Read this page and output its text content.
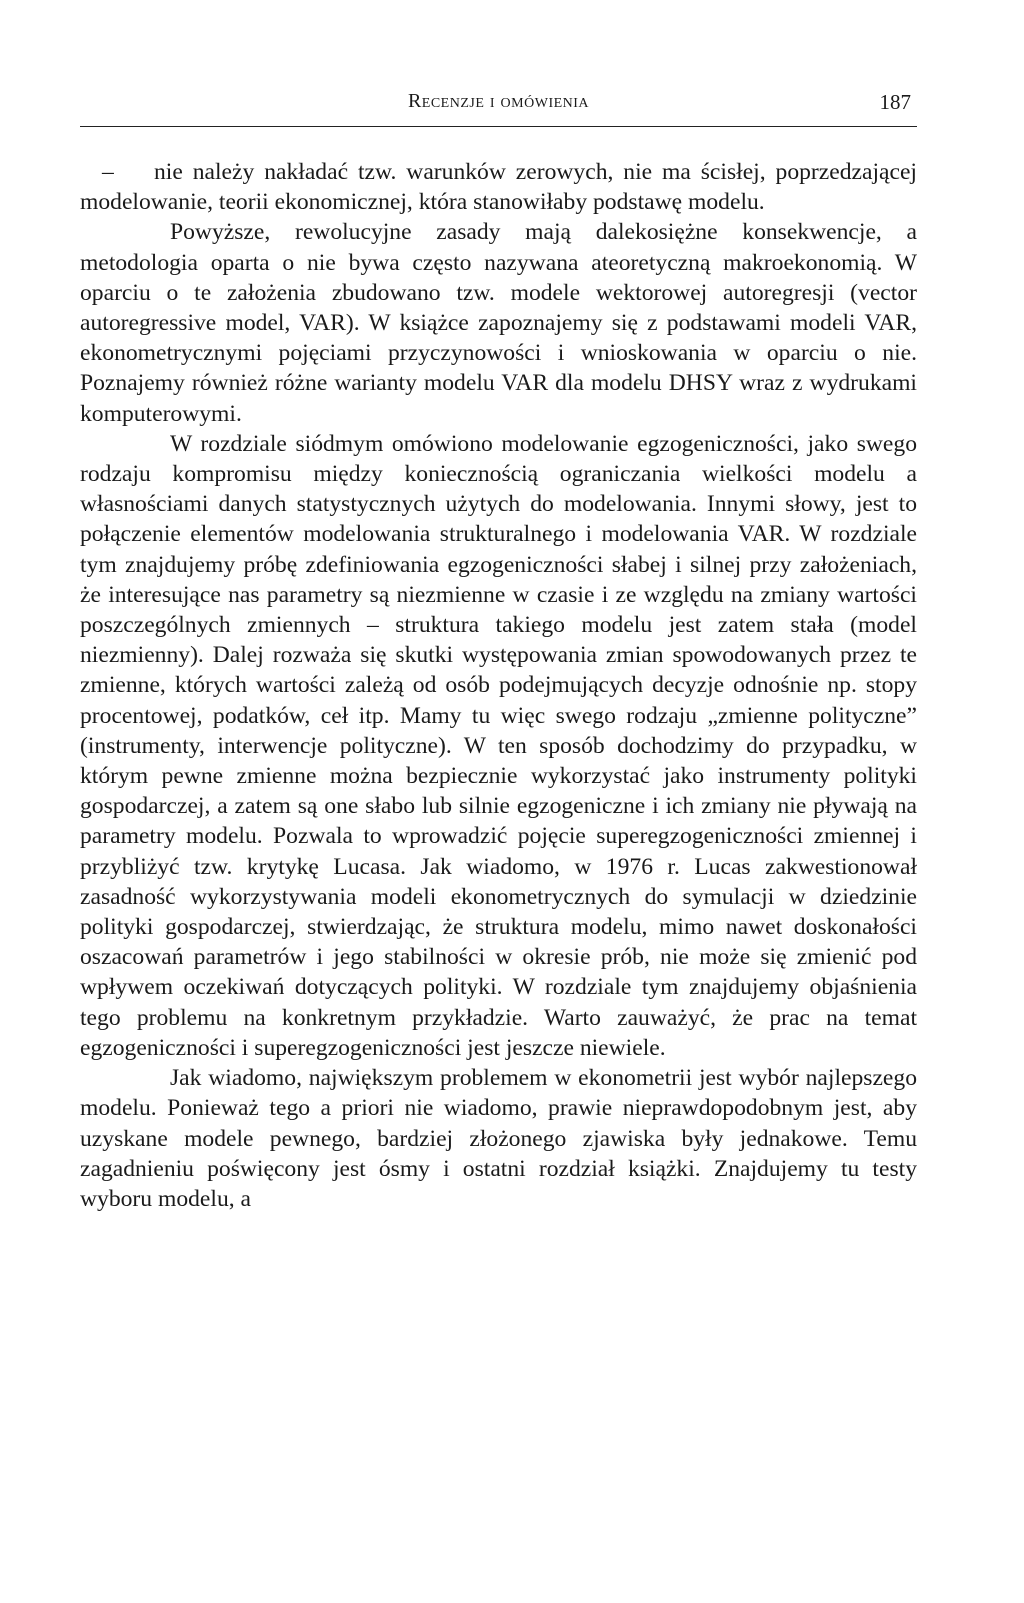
Recenzje i omówienia	187
–	nie należy nakładać tzw. warunków zerowych, nie ma ścisłej, poprzedzającej modelowanie, teorii ekonomicznej, która stanowiłaby podstawę modelu.

Powyższe, rewolucyjne zasady mają dalekosiężne konsekwencje, a metodologia oparta o nie bywa często nazywana ateoretyczną makroekonomią. W oparciu o te założenia zbudowano tzw. modele wektorowej autoregresji (vector autoregressive model, VAR). W książce zapoznajemy się z podstawami modeli VAR, ekonometrycznymi pojęciami przyczynowości i wnioskowania w oparciu o nie. Poznajemy również różne warianty modelu VAR dla modelu DHSY wraz z wydrukami komputerowymi.

W rozdziale siódmym omówiono modelowanie egzogeniczności, jako swego rodzaju kompromisu między koniecznością ograniczania wielkości modelu a własnościami danych statystycznych użytych do modelowania. Innymi słowy, jest to połączenie elementów modelowania strukturalnego i modelowania VAR. W rozdziale tym znajdujemy próbę zdefiniowania egzogeniczności słabej i silnej przy założeniach, że interesujące nas parametry są niezmienne w czasie i ze względu na zmiany wartości poszczególnych zmiennych – struktura takiego modelu jest zatem stała (model niezmienny). Dalej rozważa się skutki występowania zmian spowodowanych przez te zmienne, których wartości zależą od osób podejmujących decyzje odnośnie np. stopy procentowej, podatków, ceł itp. Mamy tu więc swego rodzaju „zmienne polityczne” (instrumenty, interwencje polityczne). W ten sposób dochodzimy do przypadku, w którym pewne zmienne można bezpiecznie wykorzystać jako instrumenty polityki gospodarczej, a zatem są one słabo lub silnie egzogeniczne i ich zmiany nie pływają na parametry modelu. Pozwala to wprowadzić pojęcie superegzogeniczności zmiennej i przybliżyć tzw. krytykę Lucasa. Jak wiadomo, w 1976 r. Lucas zakwestionował zasadność wykorzystywania modeli ekonometrycznych do symulacji w dziedzinie polityki gospodarczej, stwierdzając, że struktura modelu, mimo nawet doskonałości oszacowań parametrów i jego stabilności w okresie prób, nie może się zmienić pod wpływem oczekiwań dotyczących polityki. W rozdziale tym znajdujemy objaśnienia tego problemu na konkretnym przykładzie. Warto zauważyć, że prac na temat egzogeniczności i superegzogeniczności jest jeszcze niewiele.

Jak wiadomo, największym problemem w ekonometrii jest wybór najlepszego modelu. Ponieważ tego a priori nie wiadomo, prawie nieprawdopodobnym jest, aby uzyskane modele pewnego, bardziej złożonego zjawiska były jednakowe. Temu zagadnieniu poświęcony jest ósmy i ostatni rozdział książki. Znajdujemy tu testy wyboru modelu, a
